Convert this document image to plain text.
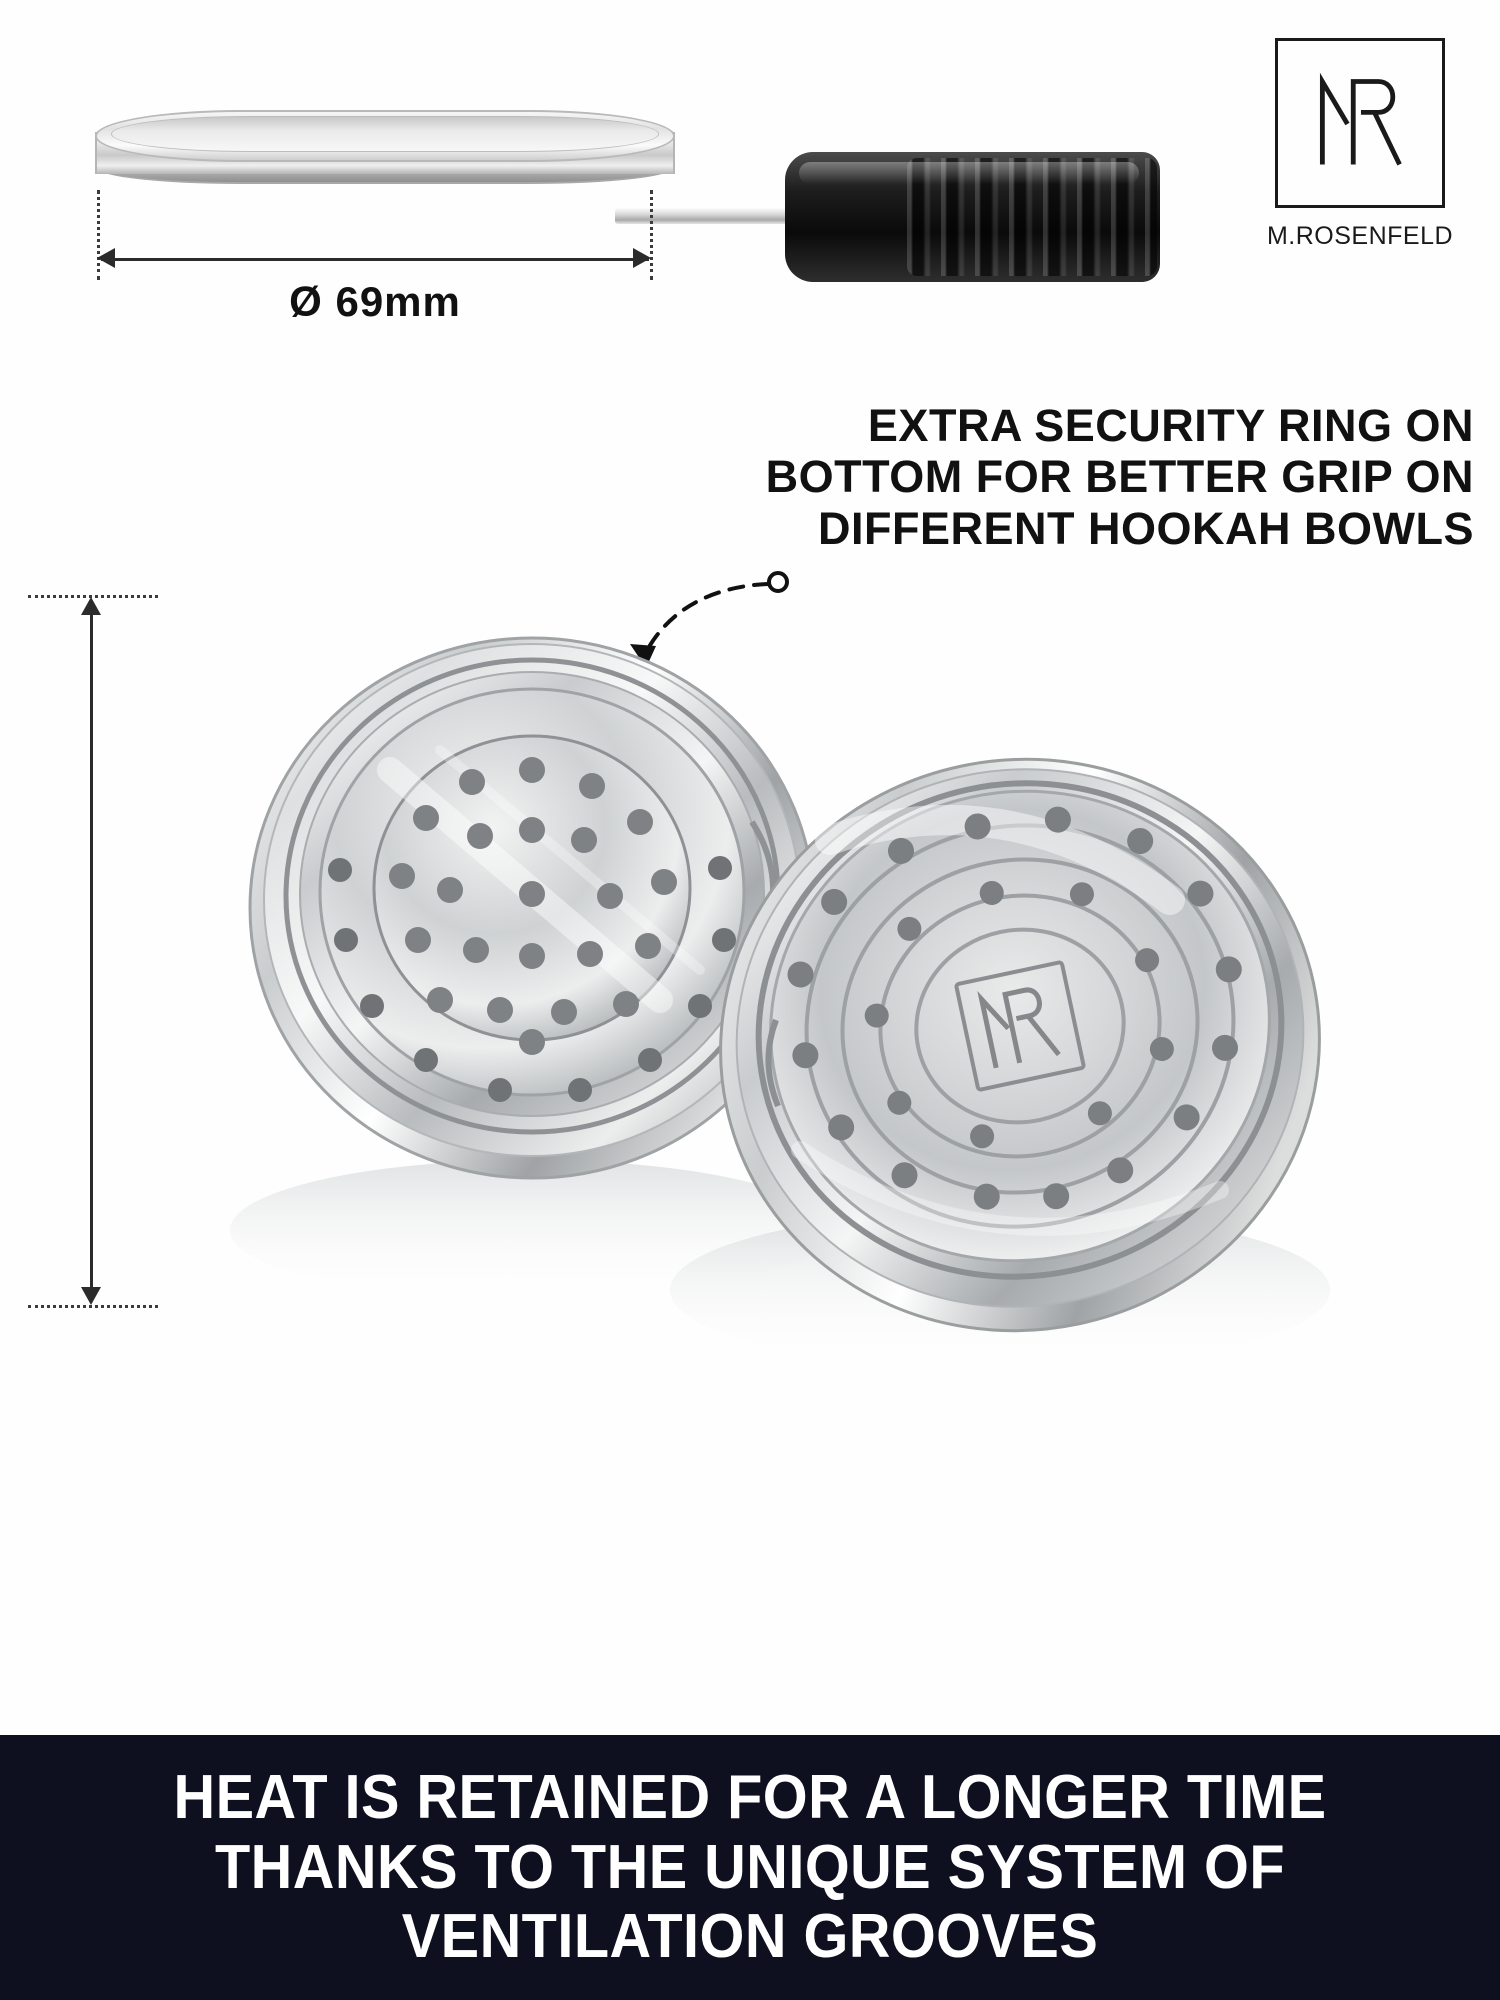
M.ROSENFELD
Ø 69mm
EXTRA SECURITY RING ON BOTTOM FOR BETTER GRIP ON DIFFERENT HOOKAH BOWLS
HEAT IS RETAINED FOR A LONGER TIME THANKS TO THE UNIQUE SYSTEM OF VENTILATION GROOVES
